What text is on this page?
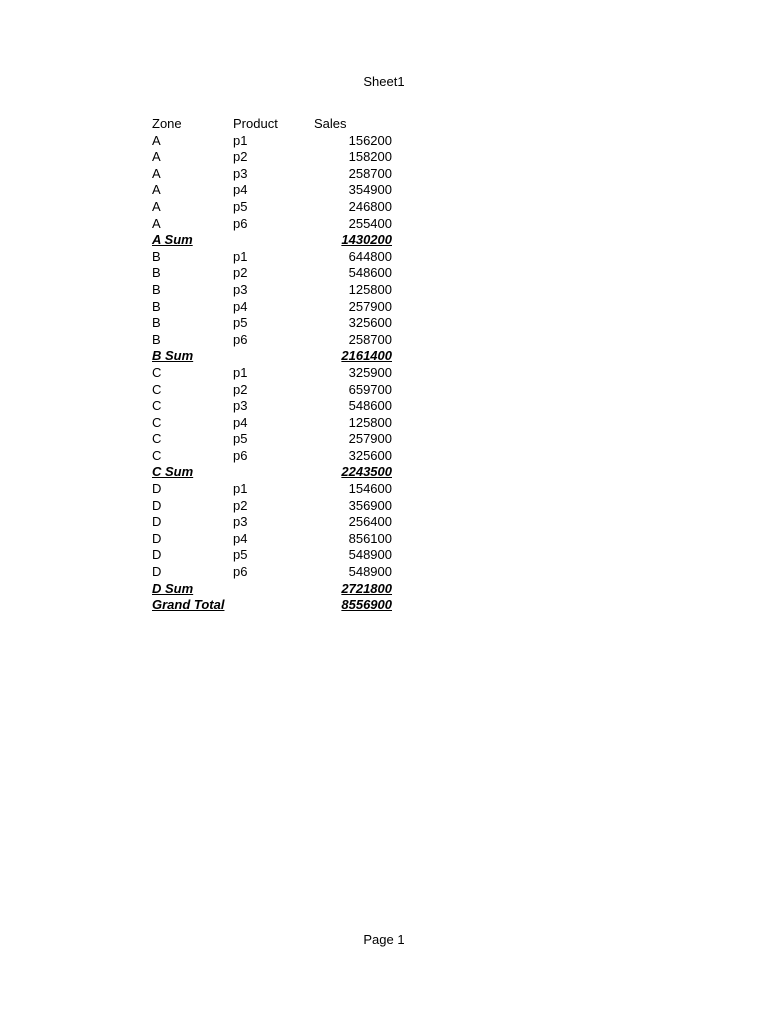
Sheet1
Zone	Product	Sales
A	p1	156200
A	p2	158200
A	p3	258700
A	p4	354900
A	p5	246800
A	p6	255400
A Sum		1430200
B	p1	644800
B	p2	548600
B	p3	125800
B	p4	257900
B	p5	325600
B	p6	258700
B Sum		2161400
C	p1	325900
C	p2	659700
C	p3	548600
C	p4	125800
C	p5	257900
C	p6	325600
C Sum		2243500
D	p1	154600
D	p2	356900
D	p3	256400
D	p4	856100
D	p5	548900
D	p6	548900
D Sum		2721800
Grand Total		8556900
Page 1
